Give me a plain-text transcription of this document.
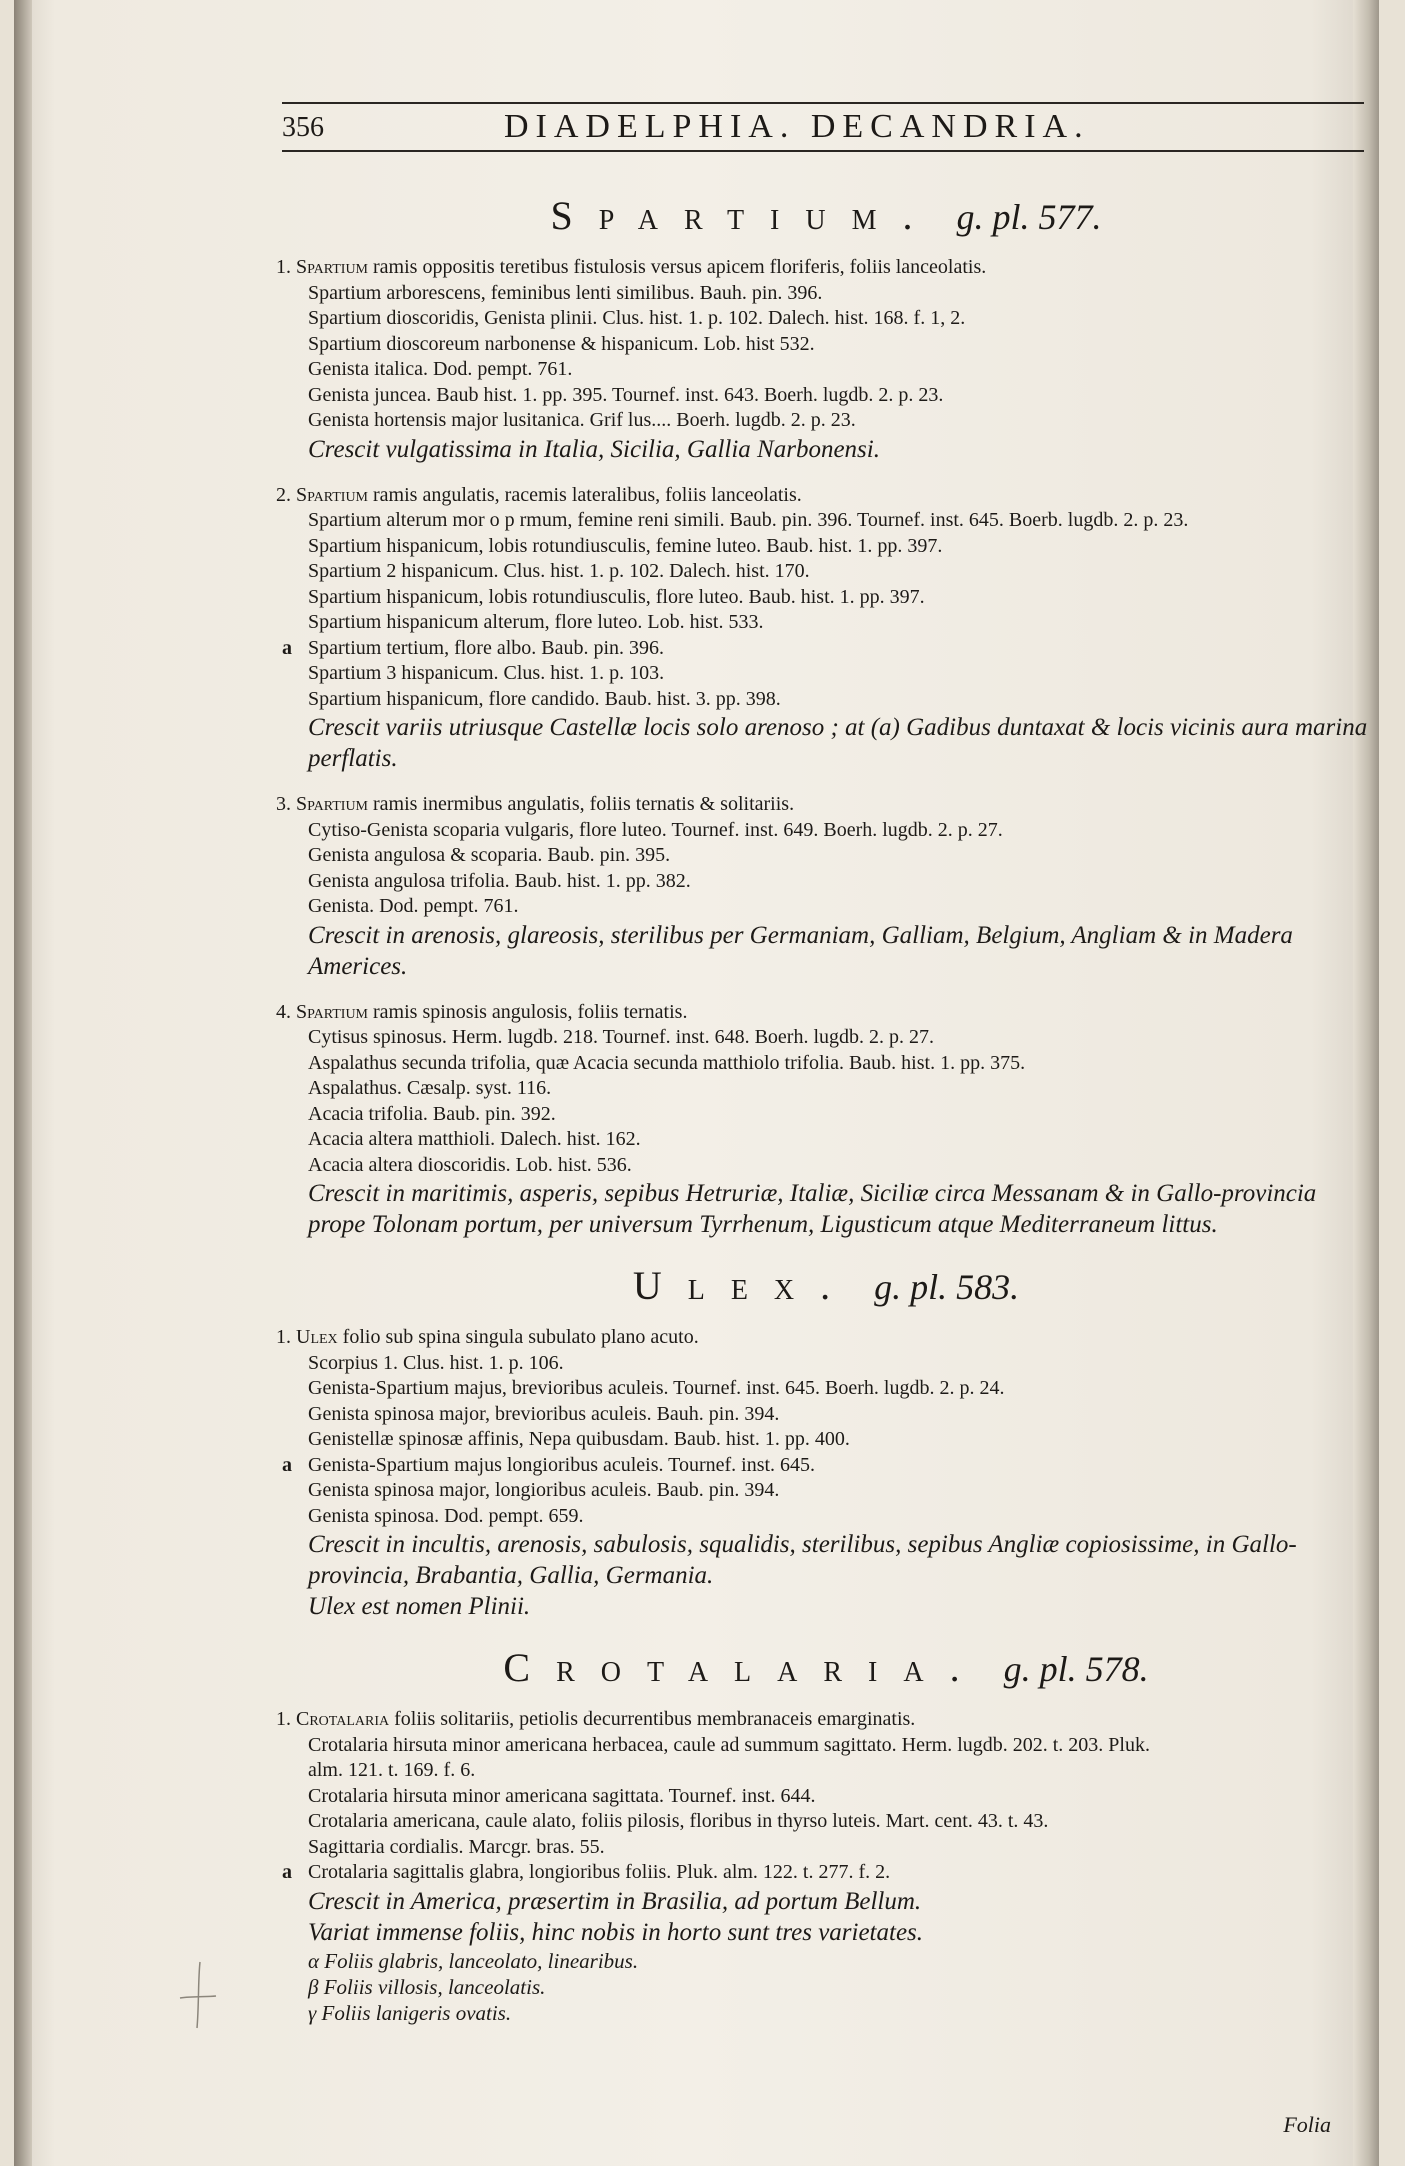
356	DIADELPHIA. DECANDRIA.
Spartium. g. pl. 577.
1. Spartium ramis oppositis teretibus fistulosis versus apicem floriferis, foliis lanceolatis.
Spartium arborescens, feminibus lenti similibus. Bauh. pin. 396.
Spartium dioscoridis, Genista plinii. Clus. hist. 1. p. 102. Dalech. hist. 168. f. 1, 2.
Spartium dioscoreum narbonense & hispanicum. Lob. hist 532.
Genista italica. Dod. pempt. 761.
Genista juncea. Baub hist. 1. pp. 395. Tournef. inst. 643. Boerh. lugdb. 2. p. 23.
Genista hortensis major lusitanica. Grif lus.... Boerh. lugdb. 2. p. 23.
Crescit vulgatissima in Italia, Sicilia, Gallia Narbonensi.
2. Spartium ramis angulatis, racemis lateralibus, foliis lanceolatis.
Spartium alterum mor o p rmum, femine reni simili. Baub. pin. 396. Tournef. inst. 645. Boerb. lugdb. 2. p. 23.
Spartium hispanicum, lobis rotundiusculis, femine luteo. Baub. hist. 1. pp. 397.
Spartium 2 hispanicum. Clus. hist. 1. p. 102. Dalech. hist. 170.
Spartium hispanicum, lobis rotundiusculis, flore luteo. Baub. hist. 1. pp. 397.
Spartium hispanicum alterum, flore luteo. Lob. hist. 533.
a Spartium tertium, flore albo. Baub. pin. 396.
Spartium 3 hispanicum. Clus. hist. 1. p. 103.
Spartium hispanicum, flore candido. Baub. hist. 3. pp. 398.
Crescit variis utriusque Castellæ locis solo arenoso ; at (a) Gadibus duntaxat & locis vicinis aura marina perflatis.
3. Spartium ramis inermibus angulatis, foliis ternatis & solitariis.
Cytiso-Genista scoparia vulgaris, flore luteo. Tournef. inst. 649. Boerh. lugdb. 2. p. 27.
Genista angulosa & scoparia. Baub. pin. 395.
Genista angulosa trifolia. Baub. hist. 1. pp. 382.
Genista. Dod. pempt. 761.
Crescit in arenosis, glareosis, sterilibus per Germaniam, Galliam, Belgium, Angliam & in Madera Americes.
4. Spartium ramis spinosis angulosis, foliis ternatis.
Cytisus spinosus. Herm. lugdb. 218. Tournef. inst. 648. Boerh. lugdb. 2. p. 27.
Aspalathus secunda trifolia, quæ Acacia secunda matthiolo trifolia. Baub. hist. 1. pp. 375.
Aspalathus. Cæsalp. syst. 116.
Acacia trifolia. Baub. pin. 392.
Acacia altera matthioli. Dalech. hist. 162.
Acacia altera dioscoridis. Lob. hist. 536.
Crescit in maritimis, asperis, sepibus Hetruriæ, Italiæ, Siciliæ circa Messanam & in Gallo-provincia prope Tolonam portum, per universum Tyrrhenum, Ligusticum atque Mediterraneum littus.
Ulex. g. pl. 583.
1. Ulex folio sub spina singula subulato plano acuto.
Scorpius 1. Clus. hist. 1. p. 106.
Genista-Spartium majus, brevioribus aculeis. Tournef. inst. 645. Boerh. lugdb. 2. p. 24.
Genista spinosa major, brevioribus aculeis. Bauh. pin. 394.
Genistellæ spinosæ affinis, Nepa quibusdam. Baub. hist. 1. pp. 400.
a Genista-Spartium majus longioribus aculeis. Tournef. inst. 645.
Genista spinosa major, longioribus aculeis. Baub. pin. 394.
Genista spinosa. Dod. pempt. 659.
Crescit in incultis, arenosis, sabulosis, squalidis, sterilibus, sepibus Angliæ copiosissime, in Gallo-provincia, Brabantia, Gallia, Germania.
Ulex est nomen Plinii.
Crotalaria. g. pl. 578.
1. Crotalaria foliis solitariis, petiolis decurrentibus membranaceis emarginatis.
Crotalaria hirsuta minor americana herbacea, caule ad summum sagittato. Herm. lugdb. 202. t. 203. Pluk.
alm. 121. t. 169. f. 6.
Crotalaria hirsuta minor americana sagittata. Tournef. inst. 644.
Crotalaria americana, caule alato, foliis pilosis, floribus in thyrso luteis. Mart. cent. 43. t. 43.
Sagittaria cordialis. Marcgr. bras. 55.
a Crotalaria sagittalis glabra, longioribus foliis. Pluk. alm. 122. t. 277. f. 2.
Crescit in America, præsertim in Brasilia, ad portum Bellum.
Variat immense foliis, hinc nobis in horto sunt tres varietates.
α Foliis glabris, lanceolato, linearibus.
β Foliis villosis, lanceolatis.
γ Foliis lanigeris ovatis.
Folia
